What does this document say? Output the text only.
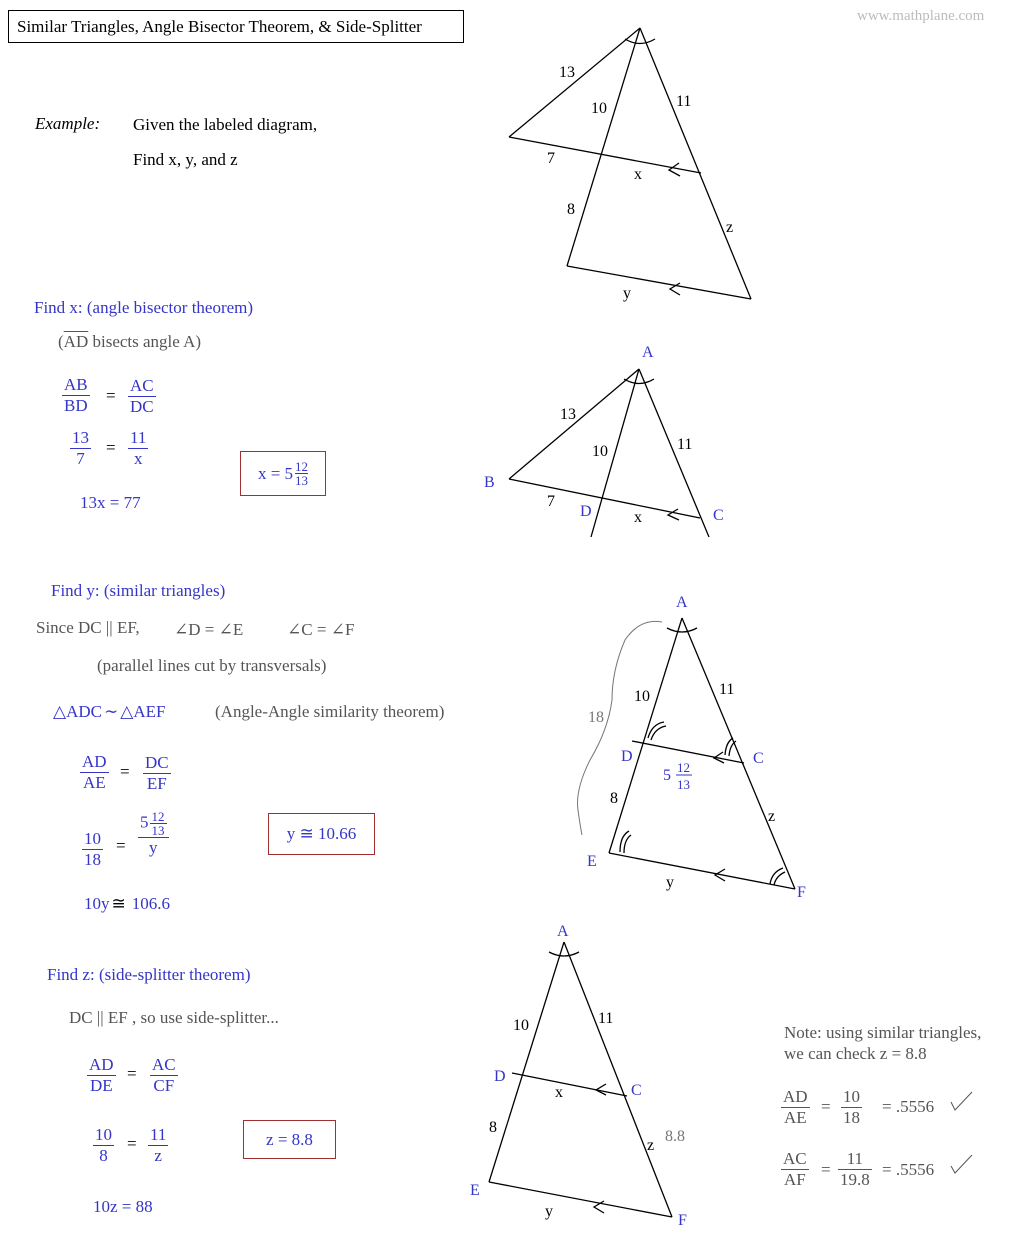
Similar Triangles, Angle Bisector Theorem, & Side-Splitter
www.mathplane.com
Example: Given the labeled diagram,
Find x, y, and z
Find x: (angle bisector theorem)
($\overline{AD}$ bisects angle A)
$\frac{AB}{BD} = \frac{AC}{DC}$
$\frac{13}{7} = \frac{11}{x}$
13x = 77
x = 5 12
13
Find y: (similar triangles)
Since DC || EF, ∠D = ∠E	∠C = ∠F
(parallel lines cut by transversals)
△ADC ∼ △AEF	(Angle-Angle similarity theorem)
$\frac{AD}{AE} = \frac{DC}{EF}$
$\frac{10}{18} = \frac{5\frac{12}{13}}{y}$
10y ≅ 106.6
y ≅ 10.66
Find z: (side-splitter theorem)
DC || EF , so use side-splitter...
$\frac{AD}{DE} = \frac{AC}{CF}$
$\frac{10}{8} = \frac{11}{z}$
10z = 88
z = 8.8
Note: using similar triangles,
we can check z = 8.8
$\frac{AD}{AE} = \frac{10}{18} = .5556$
$\frac{AC}{AF} = \frac{11}{19.8} = .5556$
13
10	11
7
x
8
z
y
A
13
10	11
B
7
D	x	C
A
10	11
18
D	C
5 12
13
8
z
E
y
F
A
10	11
D
x	C
8
z
8.8
E
y
F
